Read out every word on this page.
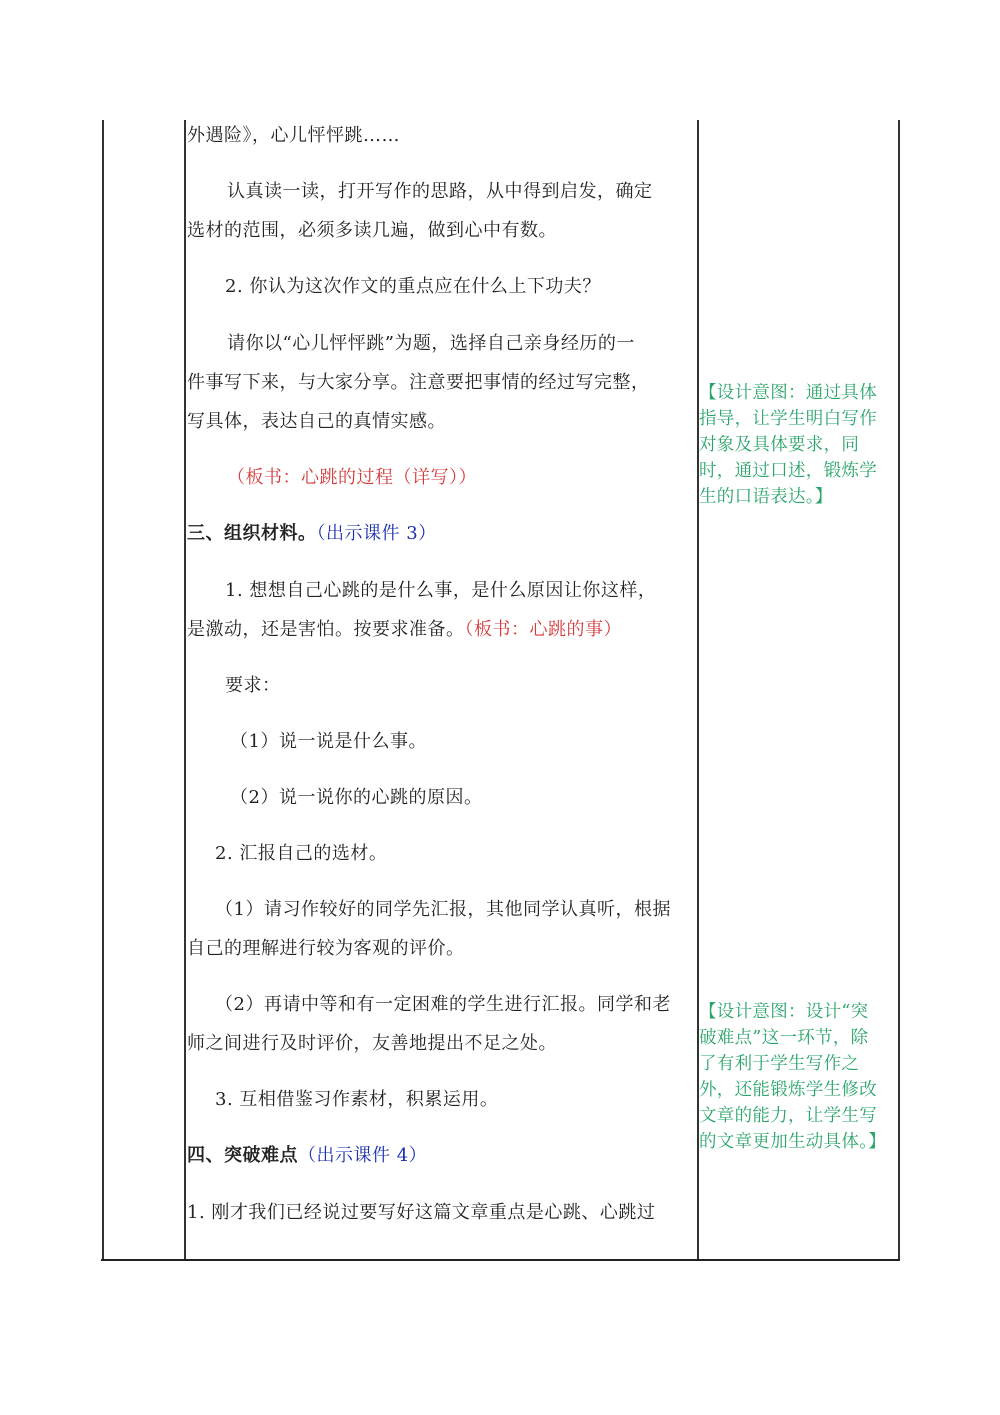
外遇险》，心儿怦怦跳……
认真读一读，打开写作的思路，从中得到启发，确定
选材的范围，必须多读几遍，做到心中有数。
2. 你认为这次作文的重点应在什么上下功夫？
请你以“心儿怦怦跳”为题，选择自己亲身经历的一
件事写下来，与大家分享。注意要把事情的经过写完整，
写具体，表达自己的真情实感。
（板书：心跳的过程（详写））
三、组织材料。（出示课件 3）
1. 想想自己心跳的是什么事，是什么原因让你这样，
是激动，还是害怕。按要求准备。（板书：心跳的事）
要求：
（1）说一说是什么事。
（2）说一说你的心跳的原因。
2. 汇报自己的选材。
（1）请习作较好的同学先汇报，其他同学认真听，根据
自己的理解进行较为客观的评价。
（2）再请中等和有一定困难的学生进行汇报。同学和老
师之间进行及时评价，友善地提出不足之处。
3. 互相借鉴习作素材，积累运用。
四、突破难点（出示课件 4）
1. 刚才我们已经说过要写好这篇文章重点是心跳、心跳过
【设计意图：通过具体
指导，让学生明白写作
对象及具体要求，同
时，通过口述，锻炼学
生的口语表达。】
【设计意图：设计“突
破难点”这一环节，除
了有利于学生写作之
外，还能锻炼学生修改
文章的能力，让学生写
的文章更加生动具体。】
